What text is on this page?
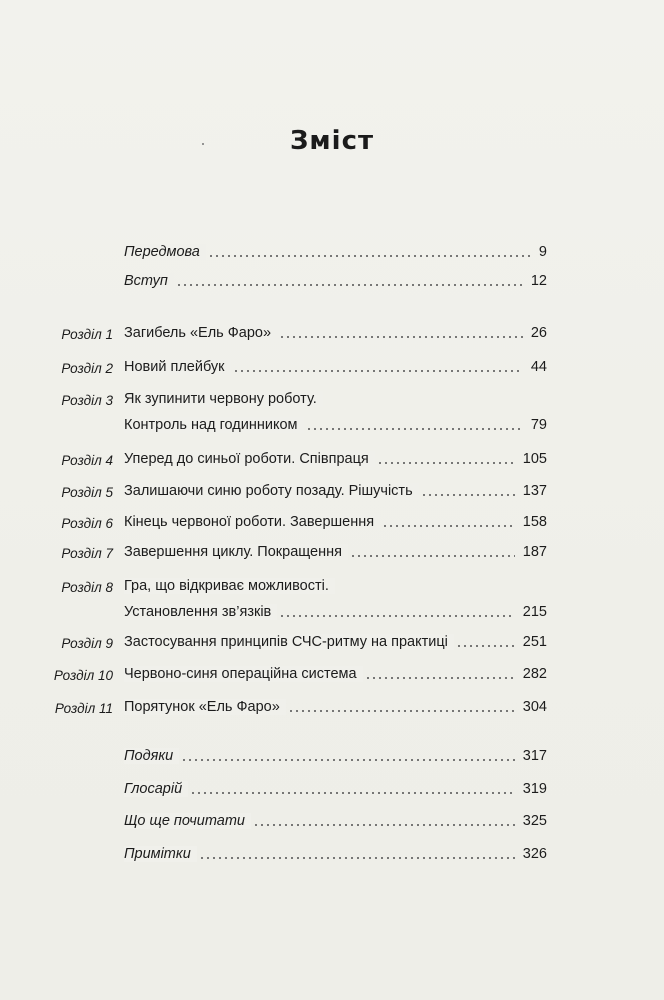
Зміст
Передмова	9
Вступ	12
Розділ 1 Загибель «Ель Фаро»	26
Розділ 2 Новий плейбук	44
Розділ 3 Як зупинити червону роботу.
Контроль над годинником	79
Розділ 4 Уперед до синьої роботи. Співпраця	105
Розділ 5 Залишаючи синю роботу позаду. Рішучість	137
Розділ 6 Кінець червоної роботи. Завершення	158
Розділ 7 Завершення циклу. Покращення	187
Розділ 8 Гра, що відкриває можливості.
Установлення зв’язків	215
Розділ 9 Застосування принципів СЧС-ритму на практиці	251
Розділ 10 Червоно-синя операційна система	282
Розділ 11 Порятунок «Ель Фаро»	304
Подяки	317
Глосарій	319
Що ще почитати	325
Примітки	326
